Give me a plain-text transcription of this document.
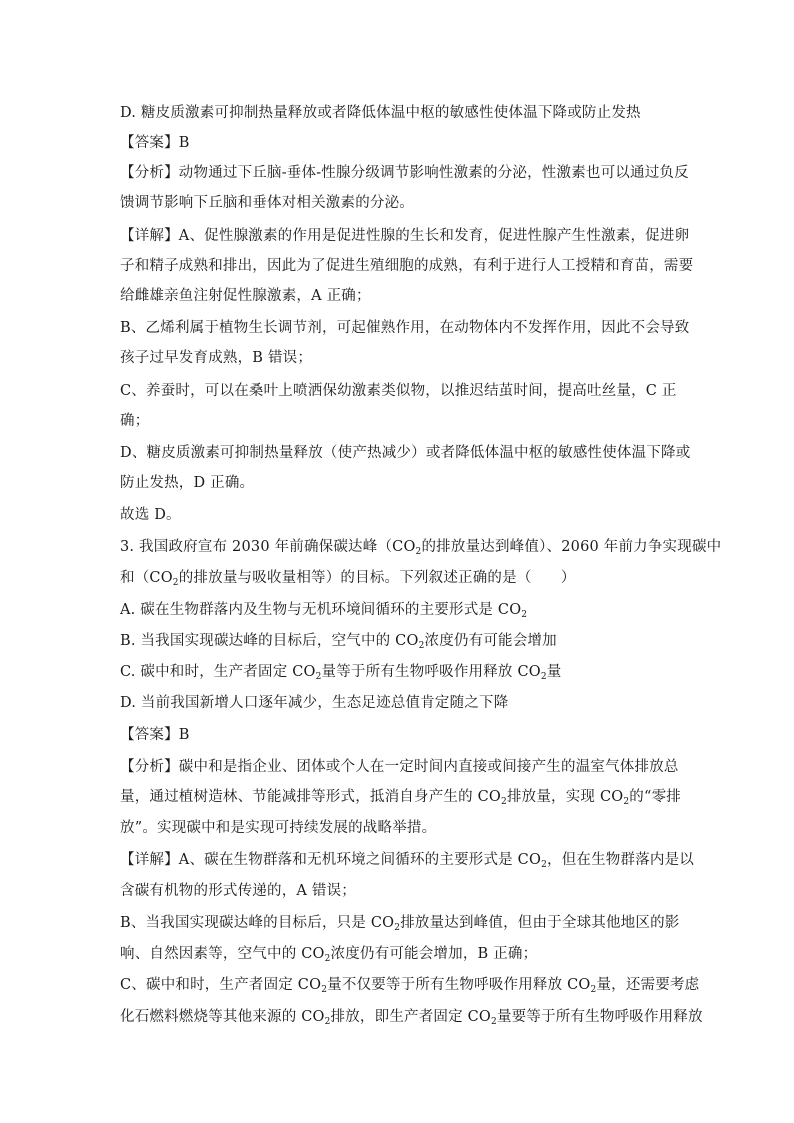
D. 糖皮质激素可抑制热量释放或者降低体温中枢的敏感性使体温下降或防止发热
【答案】B
【分析】动物通过下丘脑-垂体-性腺分级调节影响性激素的分泌，性激素也可以通过负反
馈调节影响下丘脑和垂体对相关激素的分泌。
【详解】A、促性腺激素的作用是促进性腺的生长和发育，促进性腺产生性激素，促进卵
子和精子成熟和排出，因此为了促进生殖细胞的成熟，有利于进行人工授精和育苗，需要
给雌雄亲鱼注射促性腺激素，A 正确；
B、乙烯利属于植物生长调节剂，可起催熟作用，在动物体内不发挥作用，因此不会导致
孩子过早发育成熟，B 错误；
C、养蚕时，可以在桑叶上喷洒保幼激素类似物，以推迟结茧时间，提高吐丝量，C 正
确；
D、糖皮质激素可抑制热量释放（使产热减少）或者降低体温中枢的敏感性使体温下降或
防止发热，D 正确。
故选 D。
3. 我国政府宣布 2030 年前确保碳达峰（$CO_2$的排放量达到峰值）、2060 年前力争实现碳中
和（$CO_2$的排放量与吸收量相等）的目标。下列叙述正确的是（　　）
A. 碳在生物群落内及生物与无机环境间循环的主要形式是 $CO_2$
B. 当我国实现碳达峰的目标后，空气中的 $CO_2$浓度仍有可能会增加
C. 碳中和时，生产者固定 $CO_2$量等于所有生物呼吸作用释放 $CO_2$量
D. 当前我国新增人口逐年减少，生态足迹总值肯定随之下降
【答案】B
【分析】碳中和是指企业、团体或个人在一定时间内直接或间接产生的温室气体排放总
量，通过植树造林、节能减排等形式，抵消自身产生的 $CO_2$排放量，实现 $CO_2$的“零排
放”。实现碳中和是实现可持续发展的战略举措。
【详解】A、碳在生物群落和无机环境之间循环的主要形式是 $CO_2$，但在生物群落内是以
含碳有机物的形式传递的，A 错误；
B、当我国实现碳达峰的目标后，只是 $CO_2$排放量达到峰值，但由于全球其他地区的影
响、自然因素等，空气中的 $CO_2$浓度仍有可能会增加，B 正确；
C、碳中和时，生产者固定 $CO_2$量不仅要等于所有生物呼吸作用释放 $CO_2$量，还需要考虑
化石燃料燃烧等其他来源的 $CO_2$排放，即生产者固定 $CO_2$量要等于所有生物呼吸作用释放
